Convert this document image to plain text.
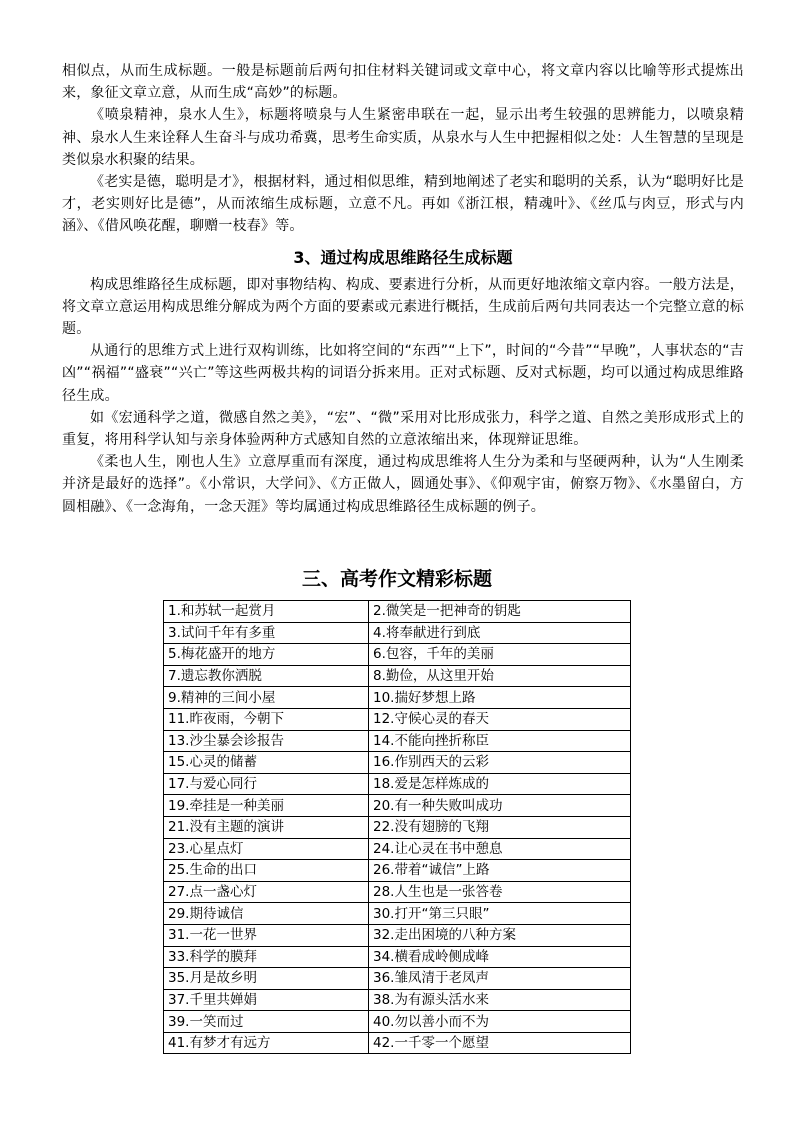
相似点，从而生成标题。一般是标题前后两句扣住材料关键词或文章中心，将文章内容以比喻等形式提炼出来，象征文章立意，从而生成“高妙”的标题。

《喷泉精神，泉水人生》，标题将喷泉与人生紧密串联在一起，显示出考生较强的思辨能力，以喷泉精神、泉水人生来诠释人生奋斗与成功希冀，思考生命实质，从泉水与人生中把握相似之处：人生智慧的呈现是类似泉水积聚的结果。

《老实是德，聪明是才》，根据材料，通过相似思维，精到地阐述了老实和聪明的关系，认为“聪明好比是才，老实则好比是德”，从而浓缩生成标题，立意不凡。再如《浙江根，精魂叶》、《丝瓜与肉豆，形式与内涵》、《借风唤花醒，聊赠一枝春》等。

3、通过构成思维路径生成标题

构成思维路径生成标题，即对事物结构、构成、要素进行分析，从而更好地浓缩文章内容。一般方法是，将文章立意运用构成思维分解成为两个方面的要素或元素进行概括，生成前后两句共同表达一个完整立意的标题。

从通行的思维方式上进行双构训练，比如将空间的“东西”“上下”，时间的“今昔”“早晚”，人事状态的“吉凶”“祸福”“盛衰”“兴亡”等这些两极共构的词语分拆来用。正对式标题、反对式标题，均可以通过构成思维路径生成。

如《宏通科学之道，微感自然之美》，“宏”、“微”采用对比形成张力，科学之道、自然之美形成形式上的重复，将用科学认知与亲身体验两种方式感知自然的立意浓缩出来，体现辩证思维。

《柔也人生，刚也人生》立意厚重而有深度，通过构成思维将人生分为柔和与坚硬两种，认为“人生刚柔并济是最好的选择”。《小常识，大学问》、《方正做人，圆通处事》、《仰观宇宙，俯察万物》、《水墨留白，方圆相融》、《一念海角，一念天涯》等均属通过构成思维路径生成标题的例子。

三、高考作文精彩标题
1.和苏轼一起赏月	2.微笑是一把神奇的钥匙
3.试问千年有多重	4.将奉献进行到底
5.梅花盛开的地方	6.包容，千年的美丽
7.遗忘教你洒脱	8.勤俭，从这里开始
9.精神的三间小屋	10.揣好梦想上路
11.昨夜雨，今朝下	12.守候心灵的春天
13.沙尘暴会诊报告	14.不能向挫折称臣
15.心灵的储蓄	16.作别西天的云彩
17.与爱心同行	18.爱是怎样炼成的
19.牵挂是一种美丽	20.有一种失败叫成功
21.没有主题的演讲	22.没有翅膀的飞翔
23.心星点灯	24.让心灵在书中憩息
25.生命的出口	26.带着“诚信”上路
27.点一盏心灯	28.人生也是一张答卷
29.期待诚信	30.打开“第三只眼”
31.一花一世界	32.走出困境的八种方案
33.科学的膜拜	34.横看成岭侧成峰
35.月是故乡明	36.雏凤清于老凤声
37.千里共婵娟	38.为有源头活水来
39.一笑而过	40.勿以善小而不为
41.有梦才有远方	42.一千零一个愿望
